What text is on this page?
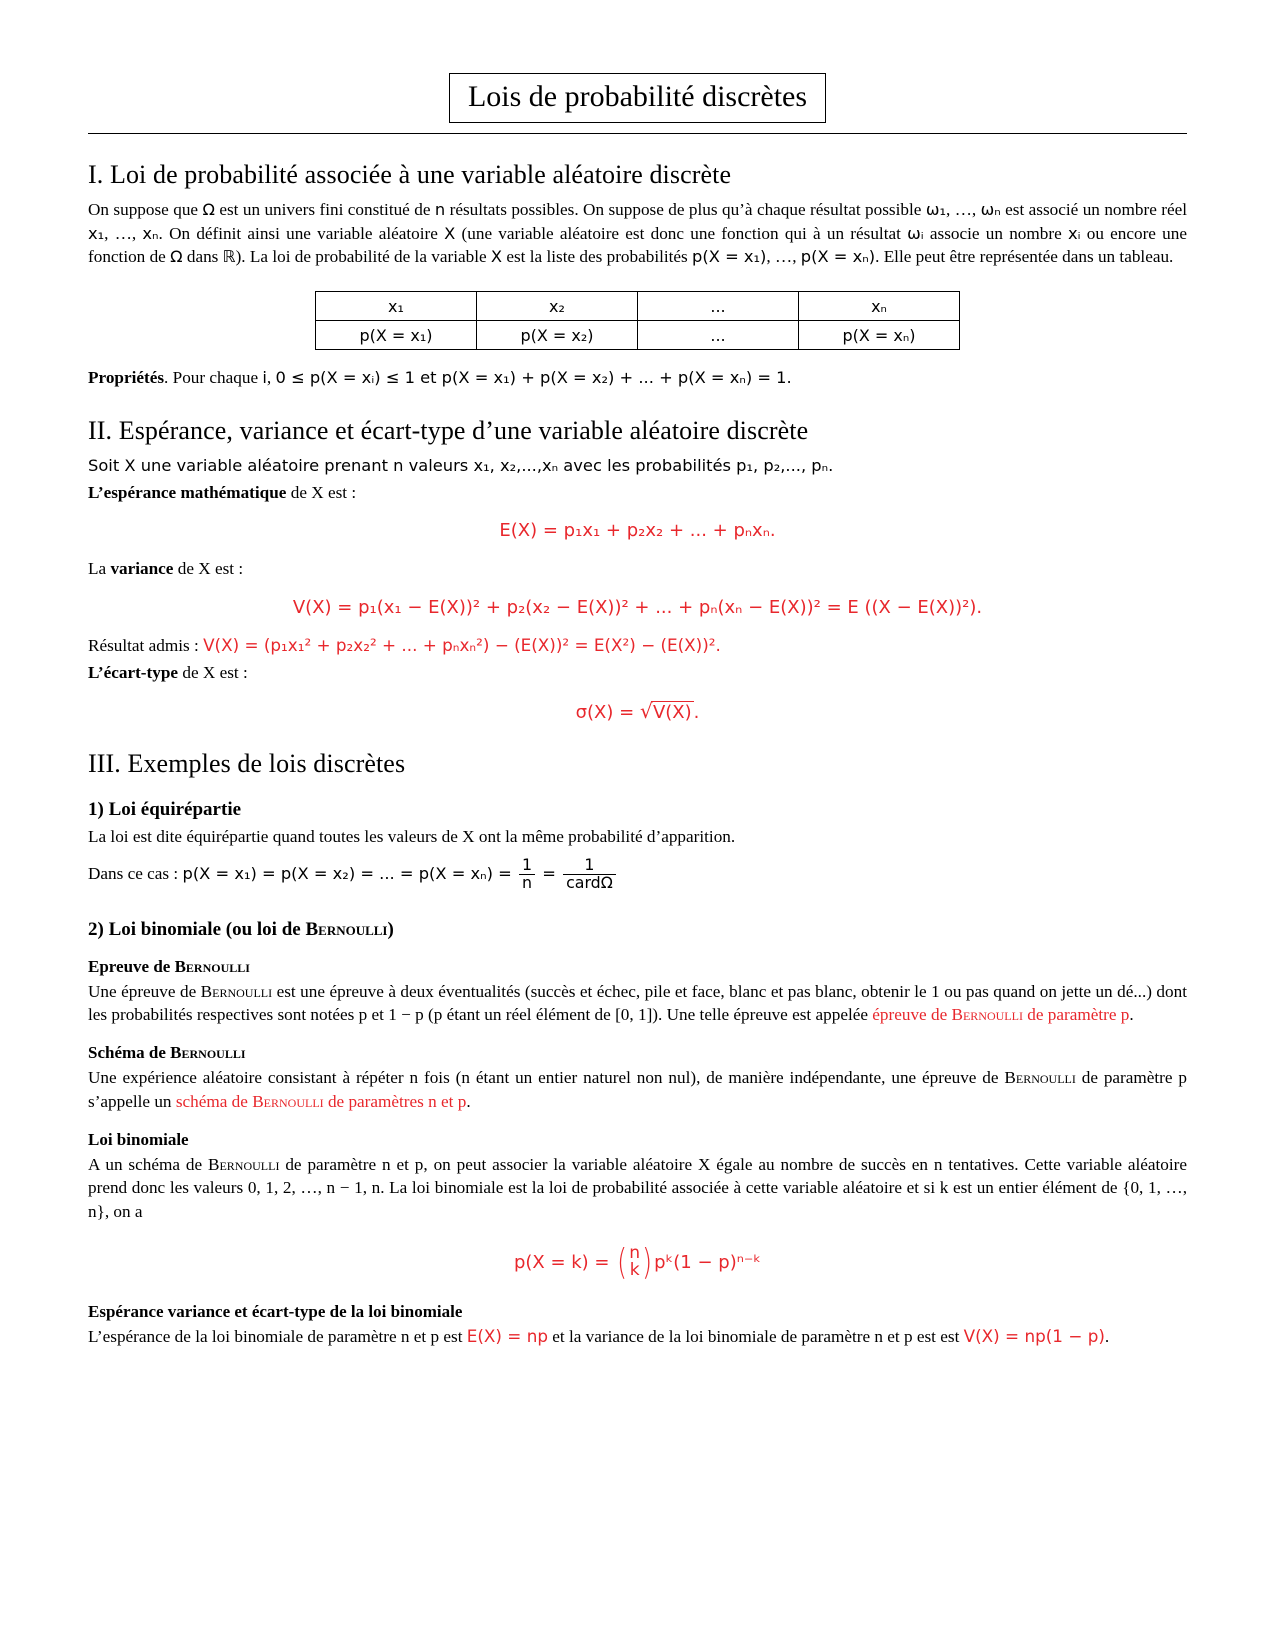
Lois de probabilité discrètes
I. Loi de probabilité associée à une variable aléatoire discrète

On suppose que Ω est un univers fini constitué de n résultats possibles. On suppose de plus qu’à chaque résultat possible ω₁, …, ωₙ est associé un nombre réel x₁, …, xₙ. On définit ainsi une variable aléatoire X (une variable aléatoire est donc une fonction qui à un résultat ωᵢ associe un nombre xᵢ ou encore une fonction de Ω dans ℝ). La loi de probabilité de la variable X est la liste des probabilités p(X = x₁), …, p(X = xₙ). Elle peut être représentée dans un tableau.

x₁	x₂	...	xₙ
p(X = x₁)	p(X = x₂)	...	p(X = xₙ)

Propriétés. Pour chaque i, 0 ≤ p(X = xᵢ) ≤ 1 et p(X = x₁) + p(X = x₂) + ... + p(X = xₙ) = 1.

II. Espérance, variance et écart-type d’une variable aléatoire discrète

Soit X une variable aléatoire prenant n valeurs x₁, x₂,...,xₙ avec les probabilités p₁, p₂,..., pₙ.

L’espérance mathématique de X est :

E(X) = p₁x₁ + p₂x₂ + ... + pₙxₙ.

La variance de X est :

V(X) = p₁(x₁ − E(X))² + p₂(x₂ − E(X))² + ... + pₙ(xₙ − E(X))² = E ((X − E(X))²).

Résultat admis : V(X) = (p₁x₁² + p₂x₂² + ... + pₙxₙ²) − (E(X))² = E(X²) − (E(X))².

L’écart-type de X est :

σ(X) = √ V(X) .
III. Exemples de lois discrètes
1) Loi équirépartie

La loi est dite équirépartie quand toutes les valeurs de X ont la même probabilité d’apparition.

Dans ce cas : p(X = x₁) = p(X = x₂) = ... = $p(X = x_n) = \frac{1}{n} = \frac{1}{\text{cardΩ}}$

2) Loi binomiale (ou loi de Bernoulli)
Epreuve de Bernoulli

Une épreuve de Bernoulli est une épreuve à deux éventualités (succès et échec, pile et face, blanc et pas blanc, obtenir le 1 ou pas quand on jette un dé...) dont les probabilités respectives sont notées p et 1 − p (p étant un réel élément de [0, 1]). Une telle épreuve est appelée épreuve de Bernoulli de paramètre p.

Schéma de Bernoulli

Une expérience aléatoire consistant à répéter n fois (n étant un entier naturel non nul), de manière indépendante, une épreuve de Bernoulli de paramètre p s’appelle un schéma de Bernoulli de paramètres n et p.

Loi binomiale

A un schéma de Bernoulli de paramètre n et p, on peut associer la variable aléatoire X égale au nombre de succès en n tentatives. Cette variable aléatoire prend donc les valeurs 0, 1, 2, …, n − 1, n. La loi binomiale est la loi de probabilité associée à cette variable aléatoire et si k est un entier élément de {0, 1, …, n}, on a

p(X = k) = ( n
k ) pᵏ(1 − p)ⁿ⁻ᵏ
Espérance variance et écart-type de la loi binomiale

L’espérance de la loi binomiale de paramètre n et p est E(X) = np et la variance de la loi binomiale de paramètre n et p est est V(X) = np(1 − p).
